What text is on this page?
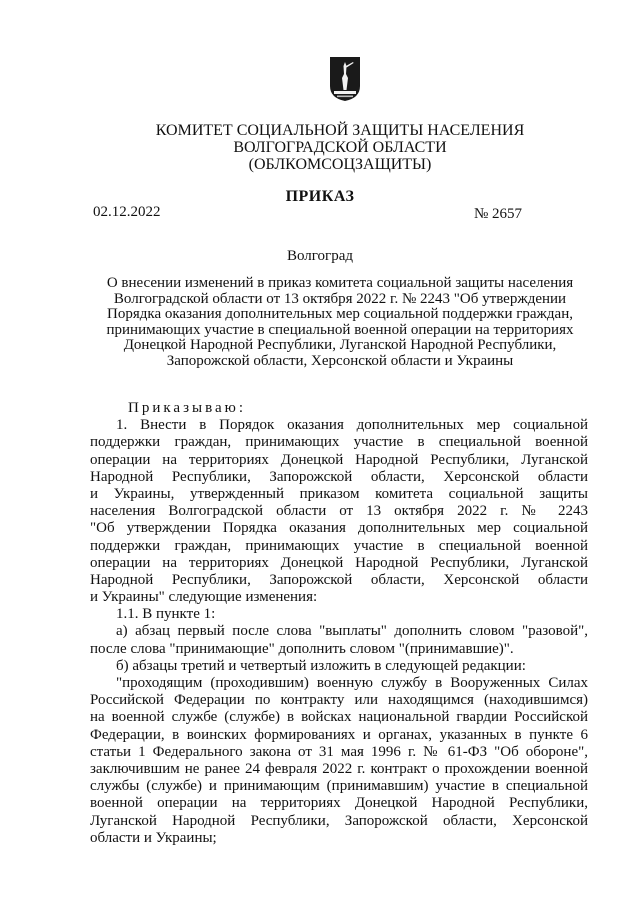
КОМИТЕТ СОЦИАЛЬНОЙ ЗАЩИТЫ НАСЕЛЕНИЯ
ВОЛГОГРАДСКОЙ ОБЛАСТИ
(ОБЛКОМСОЦЗАЩИТЫ)
ПРИКАЗ
02.12.2022	№ 2657
Волгоград
О внесении изменений в приказ комитета социальной защиты населения
Волгоградской области от 13 октября 2022 г. № 2243 "Об утверждении
Порядка оказания дополнительных мер социальной поддержки граждан,
принимающих участие в специальной военной операции на территориях
Донецкой Народной Республики, Луганской Народной Республики,
Запорожской области, Херсонской области и Украины
Приказываю:
1. Внести в Порядок оказания дополнительных мер социальной
поддержки граждан, принимающих участие в специальной военной
операции на территориях Донецкой Народной Республики, Луганской
Народной Республики, Запорожской области, Херсонской области
и Украины, утвержденный приказом комитета социальной защиты
населения Волгоградской области от 13 октября 2022 г. № 2243
"Об утверждении Порядка оказания дополнительных мер социальной
поддержки граждан, принимающих участие в специальной военной
операции на территориях Донецкой Народной Республики, Луганской
Народной Республики, Запорожской области, Херсонской области
и Украины" следующие изменения:
1.1. В пункте 1:
а) абзац первый после слова "выплаты" дополнить словом "разовой",
после слова "принимающие" дополнить словом "(принимавшие)".
б) абзацы третий и четвертый изложить в следующей редакции:
"проходящим (проходившим) военную службу в Вооруженных Силах
Российской Федерации по контракту или находящимся (находившимся)
на военной службе (службе) в войсках национальной гвардии Российской
Федерации, в воинских формированиях и органах, указанных в пункте 6
статьи 1 Федерального закона от 31 мая 1996 г. № 61-ФЗ "Об обороне",
заключившим не ранее 24 февраля 2022 г. контракт о прохождении военной
службы (службе) и принимающим (принимавшим) участие в специальной
военной операции на территориях Донецкой Народной Республики,
Луганской Народной Республики, Запорожской области, Херсонской
области и Украины;
